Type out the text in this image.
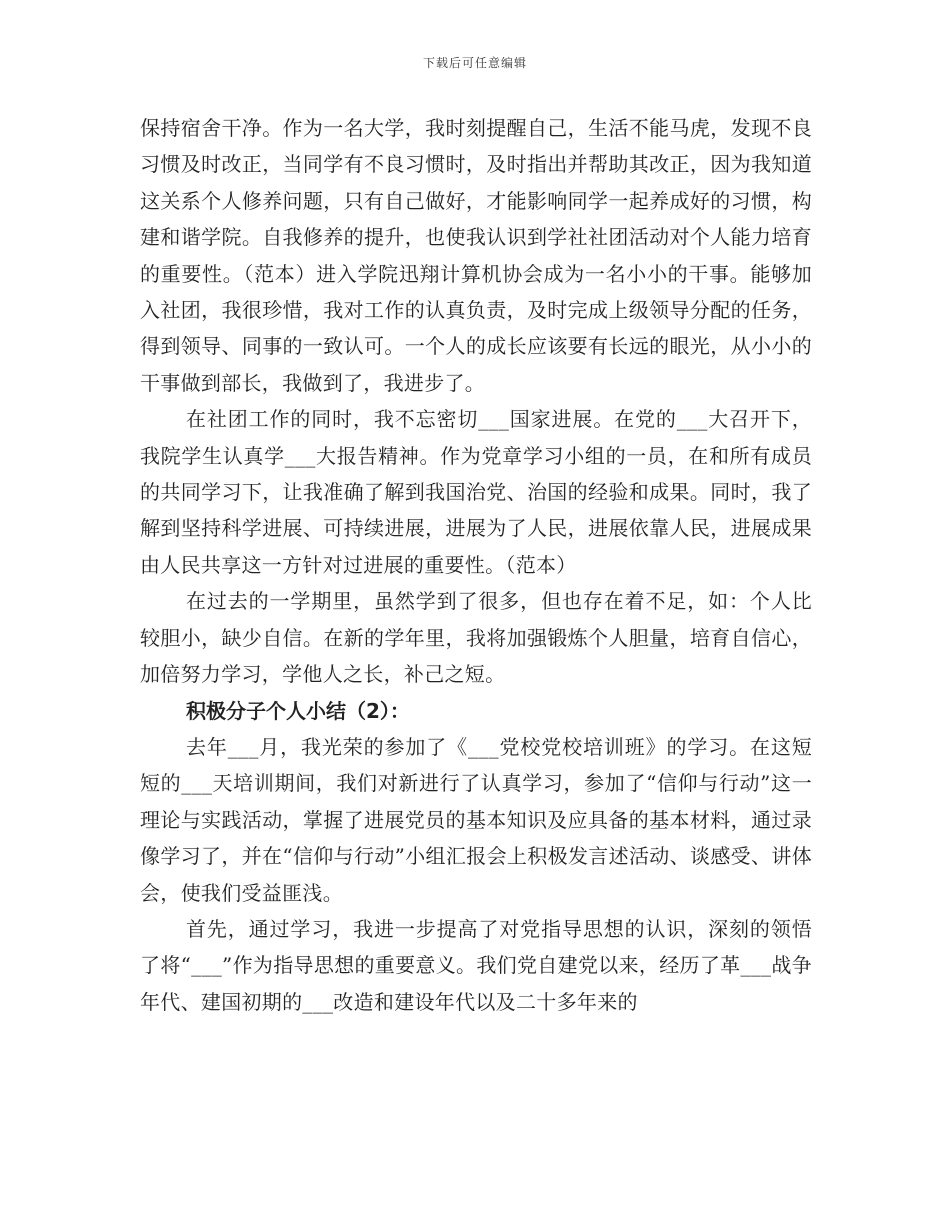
下载后可任意编辑

保持宿舍干净。作为一名大学，我时刻提醒自己，生活不能马虎，发现不良习惯及时改正，当同学有不良习惯时，及时指出并帮助其改正，因为我知道这关系个人修养问题，只有自己做好，才能影响同学一起养成好的习惯，构建和谐学院。自我修养的提升，也使我认识到学社社团活动对个人能力培育的重要性。（范本）进入学院迅翔计算机协会成为一名小小的干事。能够加入社团，我很珍惜，我对工作的认真负责，及时完成上级领导分配的任务，得到领导、同事的一致认可。一个人的成长应该要有长远的眼光，从小小的干事做到部长，我做到了，我进步了。

在社团工作的同时，我不忘密切___国家进展。在党的___大召开下，我院学生认真学___大报告精神。作为党章学习小组的一员，在和所有成员的共同学习下，让我准确了解到我国治党、治国的经验和成果。同时，我了解到坚持科学进展、可持续进展，进展为了人民，进展依靠人民，进展成果由人民共享这一方针对过进展的重要性。（范本）

在过去的一学期里，虽然学到了很多，但也存在着不足，如：个人比较胆小，缺少自信。在新的学年里，我将加强锻炼个人胆量，培育自信心，加倍努力学习，学他人之长，补己之短。

积极分子个人小结（2）：

去年___月，我光荣的参加了《___党校党校培训班》的学习。在这短短的___天培训期间，我们对新进行了认真学习，参加了“信仰与行动”这一理论与实践活动，掌握了进展党员的基本知识及应具备的基本材料，通过录像学习了，并在“信仰与行动”小组汇报会上积极发言述活动、谈感受、讲体会，使我们受益匪浅。

首先，通过学习，我进一步提高了对党指导思想的认识，深刻的领悟了将“___”作为指导思想的重要意义。我们党自建党以来，经历了革___战争年代、建国初期的___改造和建设年代以及二十多年来的
